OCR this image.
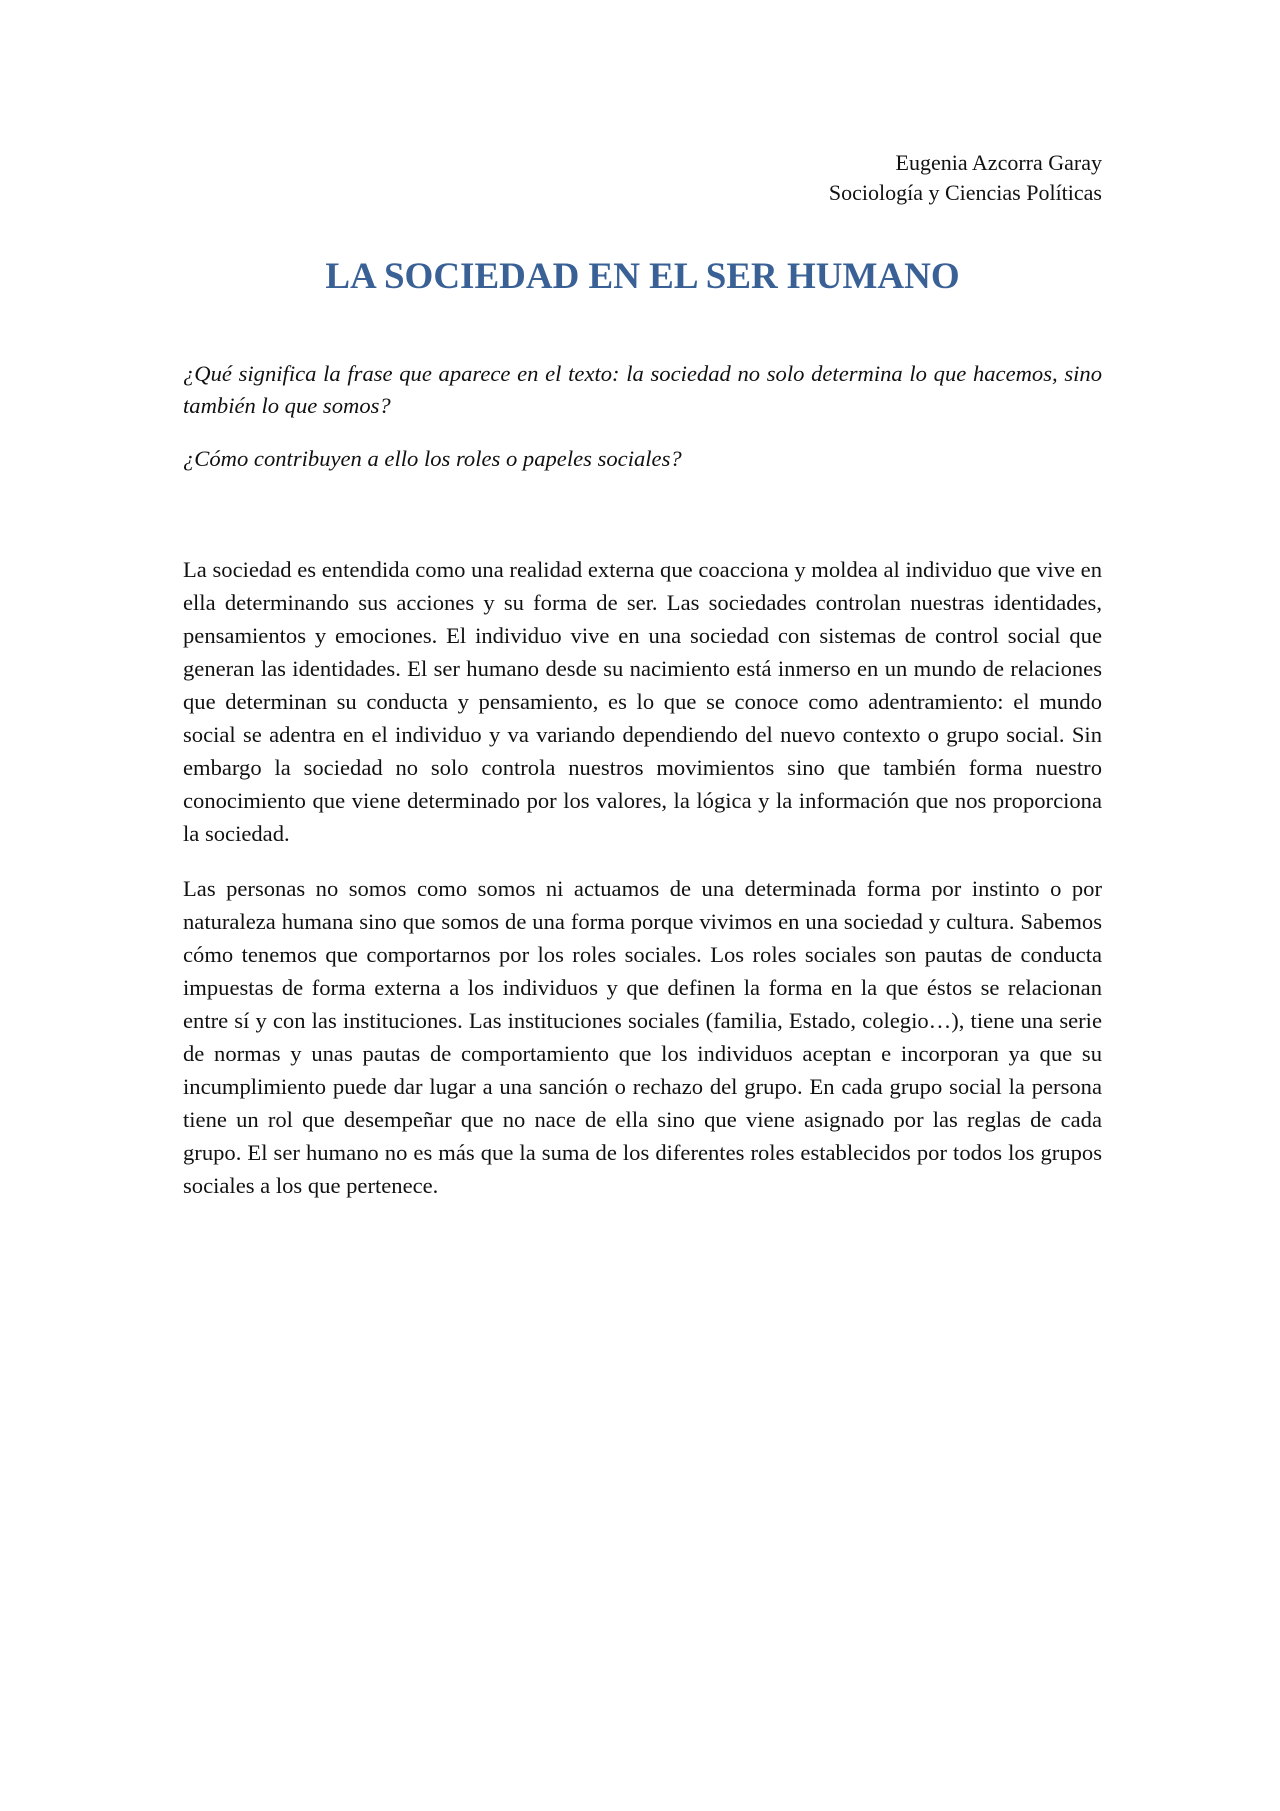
Eugenia Azcorra Garay
Sociología y Ciencias Políticas
LA SOCIEDAD EN EL SER HUMANO

¿Qué significa la frase que aparece en el texto: la sociedad no solo determina lo que hacemos, sino también lo que somos?

¿Cómo contribuyen a ello los roles o papeles sociales?

La sociedad es entendida como una realidad externa que coacciona y moldea al individuo que vive en ella determinando sus acciones y su forma de ser. Las sociedades controlan nuestras identidades, pensamientos y emociones. El individuo vive en una sociedad con sistemas de control social que generan las identidades. El ser humano desde su nacimiento está inmerso en un mundo de relaciones que determinan su conducta y pensamiento, es lo que se conoce como adentramiento: el mundo social se adentra en el individuo y va variando dependiendo del nuevo contexto o grupo social. Sin embargo la sociedad no solo controla nuestros movimientos sino que también forma nuestro conocimiento que viene determinado por los valores, la lógica y la información que nos proporciona la sociedad.

Las personas no somos como somos ni actuamos de una determinada forma por instinto o por naturaleza humana sino que somos de una forma porque vivimos en una sociedad y cultura. Sabemos cómo tenemos que comportarnos por los roles sociales. Los roles sociales son pautas de conducta impuestas de forma externa a los individuos y que definen la forma en la que éstos se relacionan entre sí y con las instituciones. Las instituciones sociales (familia, Estado, colegio…), tiene una serie de normas y unas pautas de comportamiento que los individuos aceptan e incorporan ya que su incumplimiento puede dar lugar a una sanción o rechazo del grupo. En cada grupo social la persona tiene un rol que desempeñar que no nace de ella sino que viene asignado por las reglas de cada grupo. El ser humano no es más que la suma de los diferentes roles establecidos por todos los grupos sociales a los que pertenece.
